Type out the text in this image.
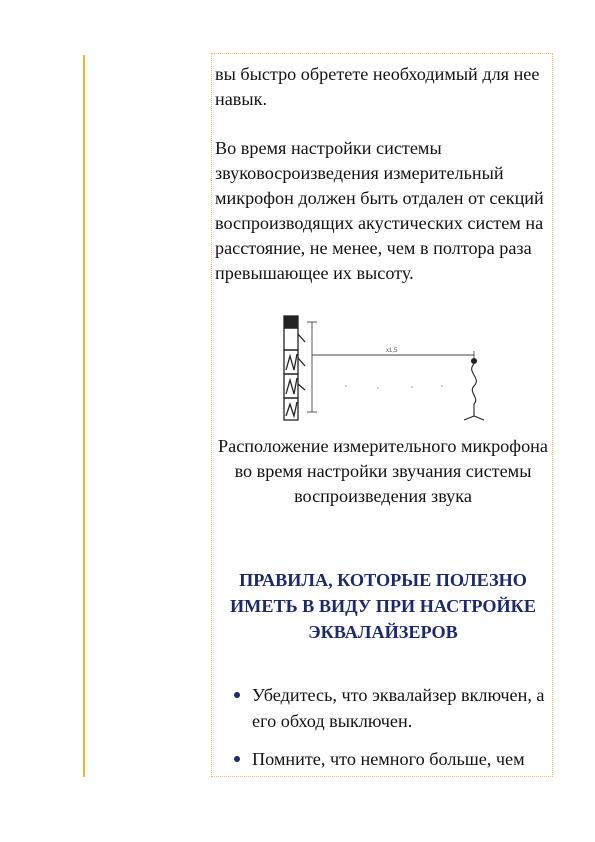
вы быстро обретете необходимый для нее навык.

Во время настройки системы звуковосроизведения измерительный микрофон должен быть отдален от секций воспроизводящих акустических систем на расстояние, не менее, чем в полтора раза превышающее их высоту.

x1,5

Расположение измерительного микрофона во время настройки звучания системы воспроизведения звука

ПРАВИЛА, КОТОРЫЕ ПОЛЕЗНО ИМЕТЬ В ВИДУ ПРИ НАСТРОЙКЕ ЭКВАЛАЙЗЕРОВ
Убедитесь, что эквалайзер включен, а его обход выключен.
Помните, что немного больше, чем
